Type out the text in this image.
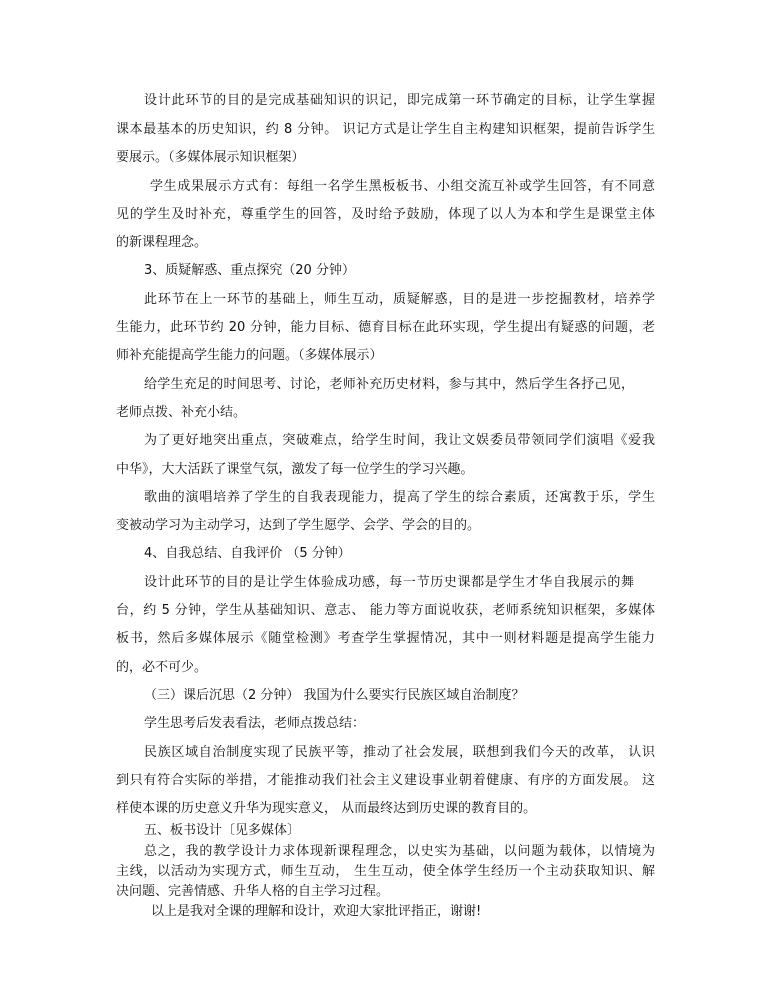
设计此环节的目的是完成基础知识的识记，即完成第一环节确定的目标，让学生掌握

课本最基本的历史知识，约 8 分钟。 识记方式是让学生自主构建知识框架，提前告诉学生

要展示。（多媒体展示知识框架）

学生成果展示方式有：每组一名学生黑板板书、小组交流互补或学生回答，有不同意

见的学生及时补充，尊重学生的回答，及时给予鼓励，体现了以人为本和学生是课堂主体

的新课程理念。

3、质疑解惑、重点探究（20 分钟）

此环节在上一环节的基础上，师生互动，质疑解惑，目的是进一步挖掘教材，培养学

生能力，此环节约 20 分钟，能力目标、德育目标在此环实现，学生提出有疑惑的问题，老

师补充能提高学生能力的问题。（多媒体展示）

给学生充足的时间思考、讨论，老师补充历史材料，参与其中，然后学生各抒己见，

老师点拨、补充小结。

为了更好地突出重点，突破难点，给学生时间，我让文娱委员带领同学们演唱《爱我

中华》，大大活跃了课堂气氛，激发了每一位学生的学习兴趣。

歌曲的演唱培养了学生的自我表现能力，提高了学生的综合素质，还寓教于乐，学生

变被动学习为主动学习，达到了学生愿学、会学、学会的目的。

4、自我总结、自我评价 （5 分钟）

设计此环节的目的是让学生体验成功感，每一节历史课都是学生才华自我展示的舞

台，约 5 分钟，学生从基础知识、意志、 能力等方面说收获，老师系统知识框架，多媒体

板书，然后多媒体展示《随堂检测》考查学生掌握情况，其中一则材料题是提高学生能力

的，必不可少。

（三）课后沉思（2 分钟） 我国为什么要实行民族区域自治制度？

学生思考后发表看法，老师点拨总结：

民族区域自治制度实现了民族平等，推动了社会发展，联想到我们今天的改革， 认识

到只有符合实际的举措，才能推动我们社会主义建设事业朝着健康、有序的方面发展。 这

样使本课的历史意义升华为现实意义， 从而最终达到历史课的教育目的。

五、板书设计〔见多媒体〕

总之，我的教学设计力求体现新课程理念，以史实为基础，以问题为载体，以情境为

主线，以活动为实现方式，师生互动， 生生互动，使全体学生经历一个主动获取知识、解

决问题、完善情感、升华人格的自主学习过程。

以上是我对全课的理解和设计，欢迎大家批评指正，谢谢!
